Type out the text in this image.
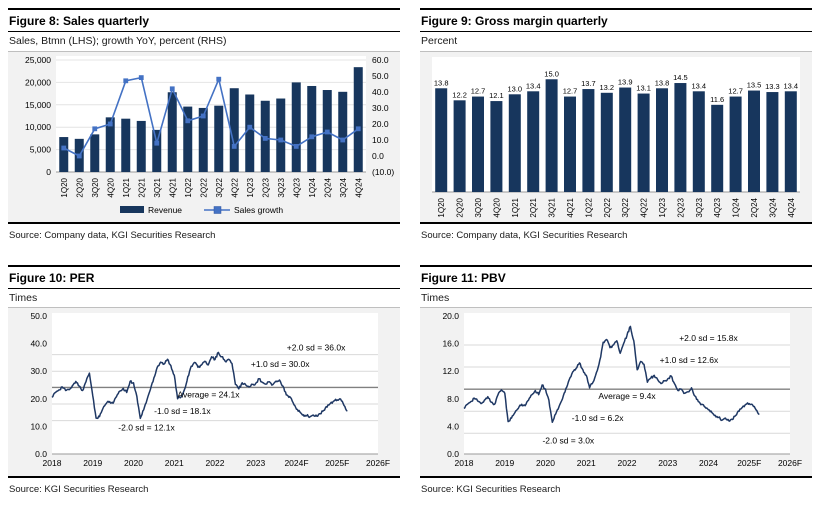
Figure 8: Sales quarterly
Sales, Btmn (LHS); growth YoY, percent (RHS)
0
5,000
10,000
15,000
20,000
25,000
(10.0)
0.0
10.0
20.0
30.0
40.0
50.0
60.0
1Q20 2Q20 3Q20 4Q20 1Q21 2Q21 3Q21 4Q21 1Q22 2Q22 3Q22 4Q22 1Q23 2Q23 3Q23 4Q23 1Q24 2Q24 3Q24 4Q24
Revenue	Sales growth
Source: Company data, KGI Securities Research
Figure 9: Gross margin quarterly
Percent
13.8
12.2 12.7
12.1
13.0 13.4
15.0
12.7
13.7 13.2
13.9
13.1
13.8
14.5
13.4
11.6
12.7
13.5 13.3 13.4
1Q20 2Q20 3Q20 4Q20 1Q21 2Q21 3Q21 4Q21 1Q22 2Q22 3Q22 4Q22 1Q23 2Q23 3Q23 4Q23 1Q24 2Q24 3Q24 4Q24
Source: Company data, KGI Securities Research
Figure 10: PER
Times
0.0
10.0
20.0
30.0
40.0
50.0
2018	2019	2020	2021	2022	2023 2024F 2025F 2026F
+2.0 sd = 36.0x
+1.0 sd = 30.0x
Average = 24.1x
-1.0 sd = 18.1x
-2.0 sd = 12.1x
Source: KGI Securities Research
Figure 11: PBV
Times
0.0
4.0
8.0
12.0
16.0
20.0
2018	2019	2020	2021	2022	2023	2024 2025F 2026F
+2.0 sd = 15.8x
+1.0 sd = 12.6x
Average = 9.4x
-1.0 sd = 6.2x
-2.0 sd = 3.0x
Source: KGI Securities Research
